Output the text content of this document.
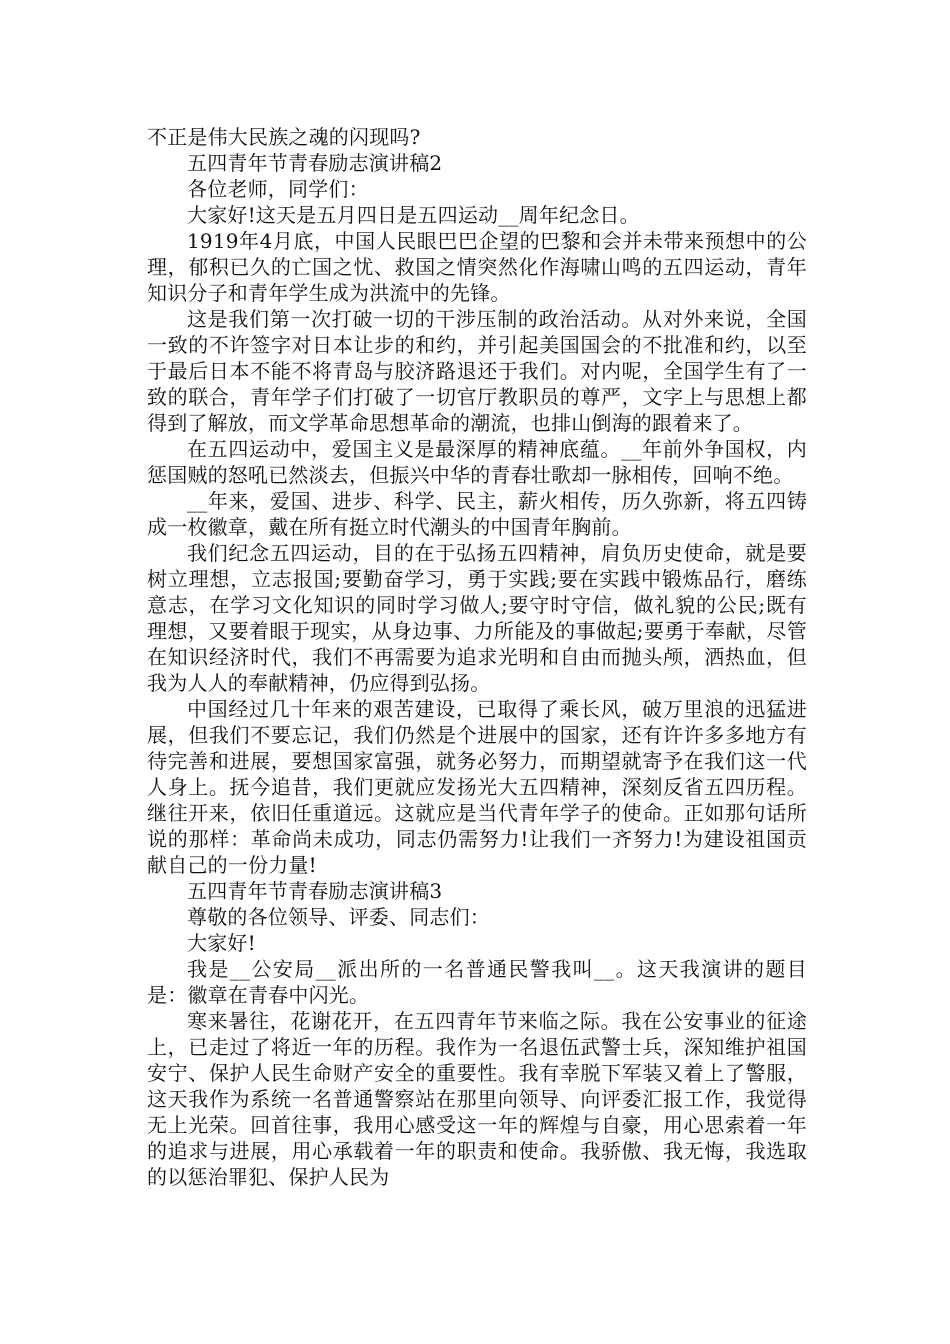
不正是伟大民族之魂的闪现吗?

五四青年节青春励志演讲稿2

各位老师，同学们：

大家好!这天是五月四日是五四运动__周年纪念日。

1919年4月底，中国人民眼巴巴企望的巴黎和会并未带来预想中的公理，郁积已久的亡国之忧、救国之情突然化作海啸山鸣的五四运动，青年知识分子和青年学生成为洪流中的先锋。

这是我们第一次打破一切的干涉压制的政治活动。从对外来说，全国一致的不许签字对日本让步的和约，并引起美国国会的不批准和约，以至于最后日本不能不将青岛与胶济路退还于我们。对内呢，全国学生有了一致的联合，青年学子们打破了一切官厅教职员的尊严，文字上与思想上都得到了解放，而文学革命思想革命的潮流，也排山倒海的跟着来了。

在五四运动中，爱国主义是最深厚的精神底蕴。__年前外争国权，内惩国贼的怒吼已然淡去，但振兴中华的青春壮歌却一脉相传，回响不绝。

__年来，爱国、进步、科学、民主，薪火相传，历久弥新，将五四铸成一枚徽章，戴在所有挺立时代潮头的中国青年胸前。

我们纪念五四运动，目的在于弘扬五四精神，肩负历史使命，就是要树立理想，立志报国;要勤奋学习，勇于实践;要在实践中锻炼品行，磨练意志，在学习文化知识的同时学习做人;要守时守信，做礼貌的公民;既有理想，又要着眼于现实，从身边事、力所能及的事做起;要勇于奉献，尽管在知识经济时代，我们不再需要为追求光明和自由而抛头颅，洒热血，但我为人人的奉献精神，仍应得到弘扬。

中国经过几十年来的艰苦建设，已取得了乘长风，破万里浪的迅猛进展，但我们不要忘记，我们仍然是个进展中的国家，还有许许多多地方有待完善和进展，要想国家富强，就务必努力，而期望就寄予在我们这一代人身上。抚今追昔，我们更就应发扬光大五四精神，深刻反省五四历程。继往开来，依旧任重道远。这就应是当代青年学子的使命。正如那句话所说的那样：革命尚未成功，同志仍需努力!让我们一齐努力!为建设祖国贡献自己的一份力量!

五四青年节青春励志演讲稿3

尊敬的各位领导、评委、同志们：

大家好!

我是__公安局__派出所的一名普通民警我叫__。这天我演讲的题目是：徽章在青春中闪光。

寒来暑往，花谢花开，在五四青年节来临之际。我在公安事业的征途上，已走过了将近一年的历程。我作为一名退伍武警士兵，深知维护祖国安宁、保护人民生命财产安全的重要性。我有幸脱下军装又着上了警服，这天我作为系统一名普通警察站在那里向领导、向评委汇报工作，我觉得无上光荣。回首往事，我用心感受这一年的辉煌与自豪，用心思索着一年的追求与进展，用心承载着一年的职责和使命。我骄傲、我无悔，我选取的以惩治罪犯、保护人民为
